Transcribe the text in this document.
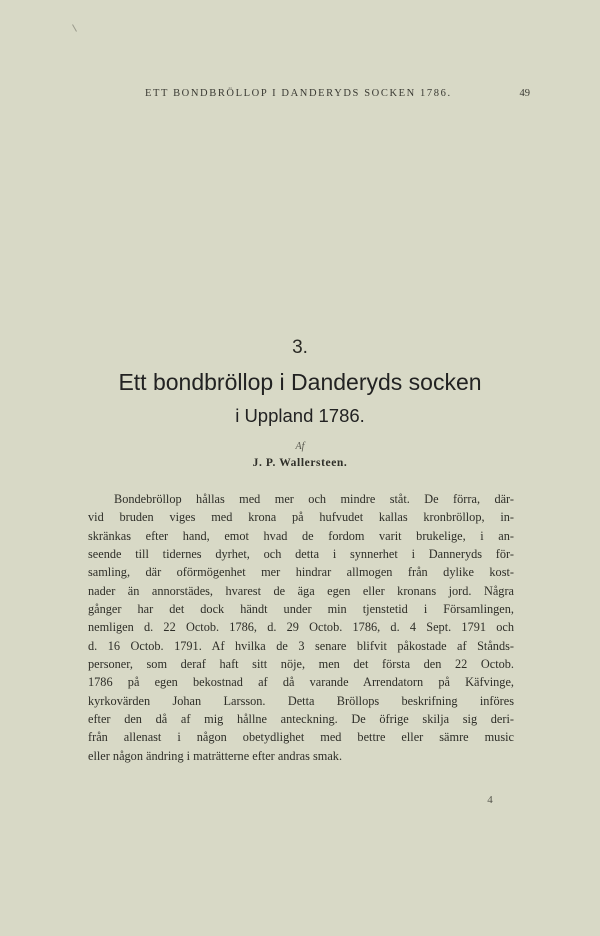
ETT BONDBRÖLLOP I DANDERYDS SOCKEN 1786.	49
3.
Ett bondbröllop i Danderyds socken
i Uppland 1786.
Af
J. P. Wallersteen.
Bondebröllop hållas med mer och mindre ståt. De förra, där-
vid bruden viges med krona på hufvudet kallas kronbröllop, in-
skränkas efter hand, emot hvad de fordom varit brukelige, i an-
seende till tidernes dyrhet, och detta i synnerhet i Danneryds för-
samling, där oförmögenhet mer hindrar allmogen från dylike kost-
nader än annorstädes, hvarest de äga egen eller kronans jord. Några
gånger har det dock händt under min tjenstetid i Församlingen,
nemligen d. 22 Octob. 1786, d. 29 Octob. 1786, d. 4 Sept. 1791 och
d. 16 Octob. 1791. Af hvilka de 3 senare blifvit påkostade af Stånds-
personer, som deraf haft sitt nöje, men det första den 22 Octob.
1786 på egen bekostnad af då varande Arrendatorn på Käfvinge,
kyrkovärden Johan Larsson. Detta Bröllops beskrifning införes
efter den då af mig hållne anteckning. De öfrige skilja sig deri-
från allenast i någon obetydlighet med bettre eller sämre music
eller någon ändring i maträtterne efter andras smak.
4
